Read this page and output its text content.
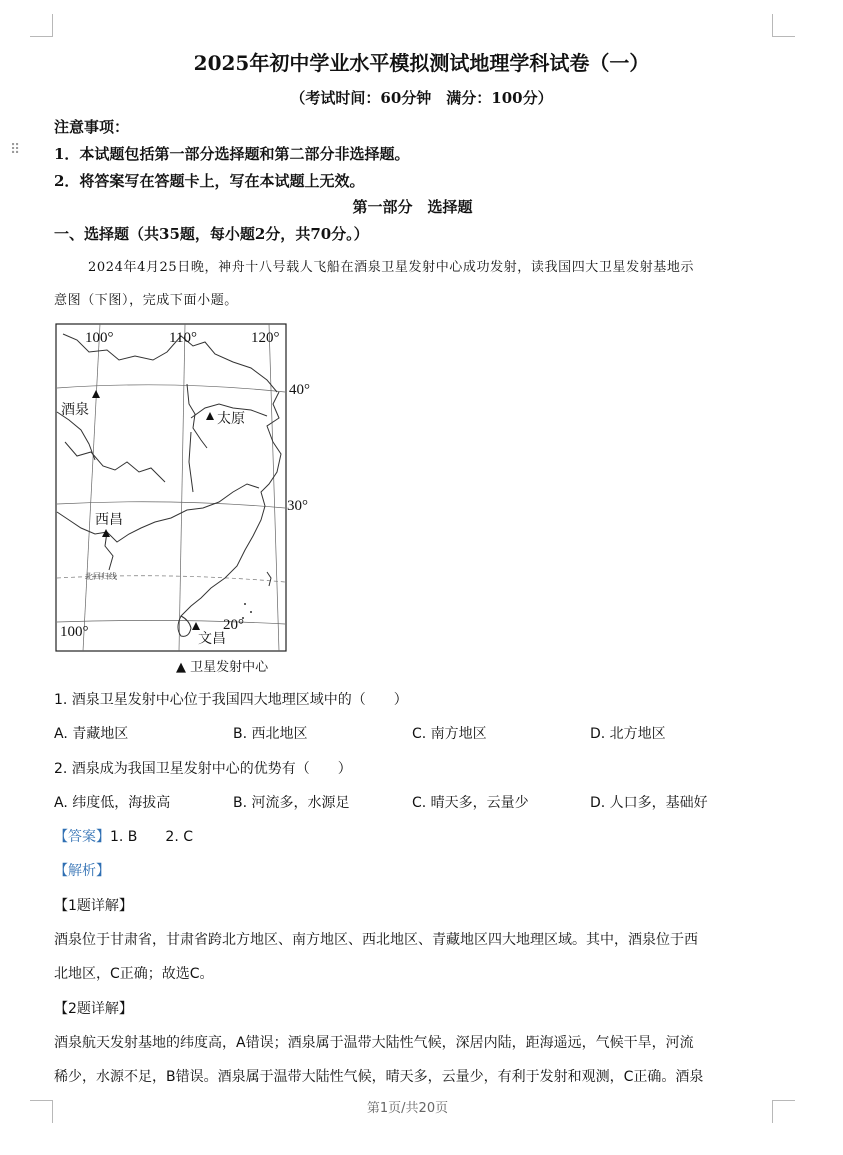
⠿
2025年初中学业水平模拟测试地理学科试卷（一）
（考试时间：60分钟　满分：100分）
注意事项：
1．本试题包括第一部分选择题和第二部分非选择题。
2．将答案写在答题卡上，写在本试题上无效。
第一部分　选择题
一、选择题（共35题，每小题2分，共70分。）
2024年4月25日晚，神舟十八号载人飞船在酒泉卫星发射中心成功发射，读我国四大卫星发射基地示
意图（下图），完成下面小题。
100°	110°	120°
40°
30°
20°
100°
北回归线
酒泉
太原
西昌
文昌
▲ 卫星发射中心
1. 酒泉卫星发射中心位于我国四大地理区域中的（　　）
A. 青藏地区	B. 西北地区	C. 南方地区	D. 北方地区
2. 酒泉成为我国卫星发射中心的优势有（　　）
A. 纬度低，海拔高	B. 河流多，水源足	C. 晴天多，云量少	D. 人口多，基础好
【答案】1. B　　2. C
【解析】
【1题详解】
酒泉位于甘肃省，甘肃省跨北方地区、南方地区、西北地区、青藏地区四大地理区域。其中，酒泉位于西
北地区，C正确；故选C。
【2题详解】
酒泉航天发射基地的纬度高，A错误；酒泉属于温带大陆性气候，深居内陆，距海遥远，气候干旱，河流
稀少，水源不足，B错误。酒泉属于温带大陆性气候，晴天多，云量少，有利于发射和观测，C正确。酒泉
第1页/共20页
